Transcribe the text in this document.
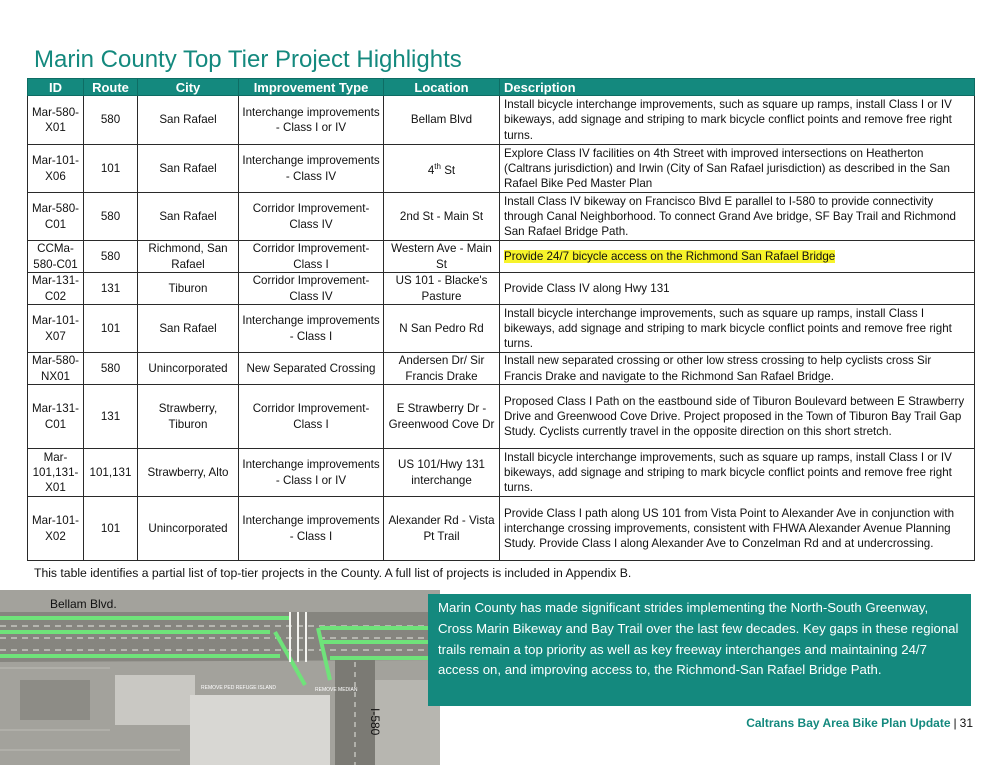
Marin County Top Tier Project Highlights
ID	Route	City	Improvement Type	Location	Description
Mar-580-X01	580	San Rafael	Interchange improvements - Class I or IV	Bellam Blvd	Install bicycle interchange improvements, such as square up ramps, install Class I or IV bikeways, add signage and striping to mark bicycle conflict points and remove free right turns.
Mar-101-X06	101	San Rafael	Interchange improvements - Class IV	4th St	Explore Class IV facilities on 4th Street with improved intersections on Heatherton (Caltrans jurisdiction) and Irwin (City of San Rafael jurisdiction) as described in the San Rafael Bike Ped Master Plan
Mar-580-C01	580	San Rafael	Corridor Improvement-Class IV	2nd St - Main St	Install Class IV bikeway on Francisco Blvd E parallel to I-580 to provide connectivity through Canal Neighborhood. To connect Grand Ave bridge, SF Bay Trail and Richmond San Rafael Bridge Path.
CCMa-580-C01	580	Richmond, San Rafael	Corridor Improvement-Class I	Western Ave - Main St	Provide 24/7 bicycle access on the Richmond San Rafael Bridge
Mar-131-C02	131	Tiburon	Corridor Improvement-Class IV	US 101 - Blacke's Pasture	Provide Class IV along Hwy 131
Mar-101-X07	101	San Rafael	Interchange improvements - Class I	N San Pedro Rd	Install bicycle interchange improvements, such as square up ramps, install Class I bikeways, add signage and striping to mark bicycle conflict points and remove free right turns.
Mar-580-NX01	580	Unincorporated	New Separated Crossing	Andersen Dr/ Sir Francis Drake	Install new separated crossing or other low stress crossing to help cyclists cross Sir Francis Drake and navigate to the Richmond San Rafael Bridge.
Mar-131-C01	131	Strawberry, Tiburon	Corridor Improvement-Class I	E Strawberry Dr - Greenwood Cove Dr	Proposed Class I Path on the eastbound side of Tiburon Boulevard between E Strawberry Drive and Greenwood Cove Drive. Project proposed in the Town of Tiburon Bay Trail Gap Study. Cyclists currently travel in the opposite direction on this short stretch.
Mar-101,131-X01	101,131	Strawberry, Alto	Interchange improvements - Class I or IV	US 101/Hwy 131 interchange	Install bicycle interchange improvements, such as square up ramps, install Class I or IV bikeways, add signage and striping to mark bicycle conflict points and remove free right turns.
Mar-101-X02	101	Unincorporated	Interchange improvements - Class I	Alexander Rd - Vista Pt Trail	Provide Class I path along US 101 from Vista Point to Alexander Ave in conjunction with interchange crossing improvements, consistent with FHWA Alexander Avenue Planning Study. Provide Class I along Alexander Ave to Conzelman Rd and at undercrossing.
This table identifies a partial list of top-tier projects in the County. A full list of projects is included in Appendix B.
REMOVE PED REFUGE ISLAND	REMOVE MEDIAN
I-580
Bellam Blvd.	Marin County has made significant strides implementing the North-South Greenway, Cross Marin Bikeway and Bay Trail over the last few decades. Key gaps in these regional trails remain a top priority as well as key freeway interchanges and maintaining 24/7 access on, and improving access to, the Richmond-San Rafael Bridge Path.
Caltrans Bay Area Bike Plan Update | 31
